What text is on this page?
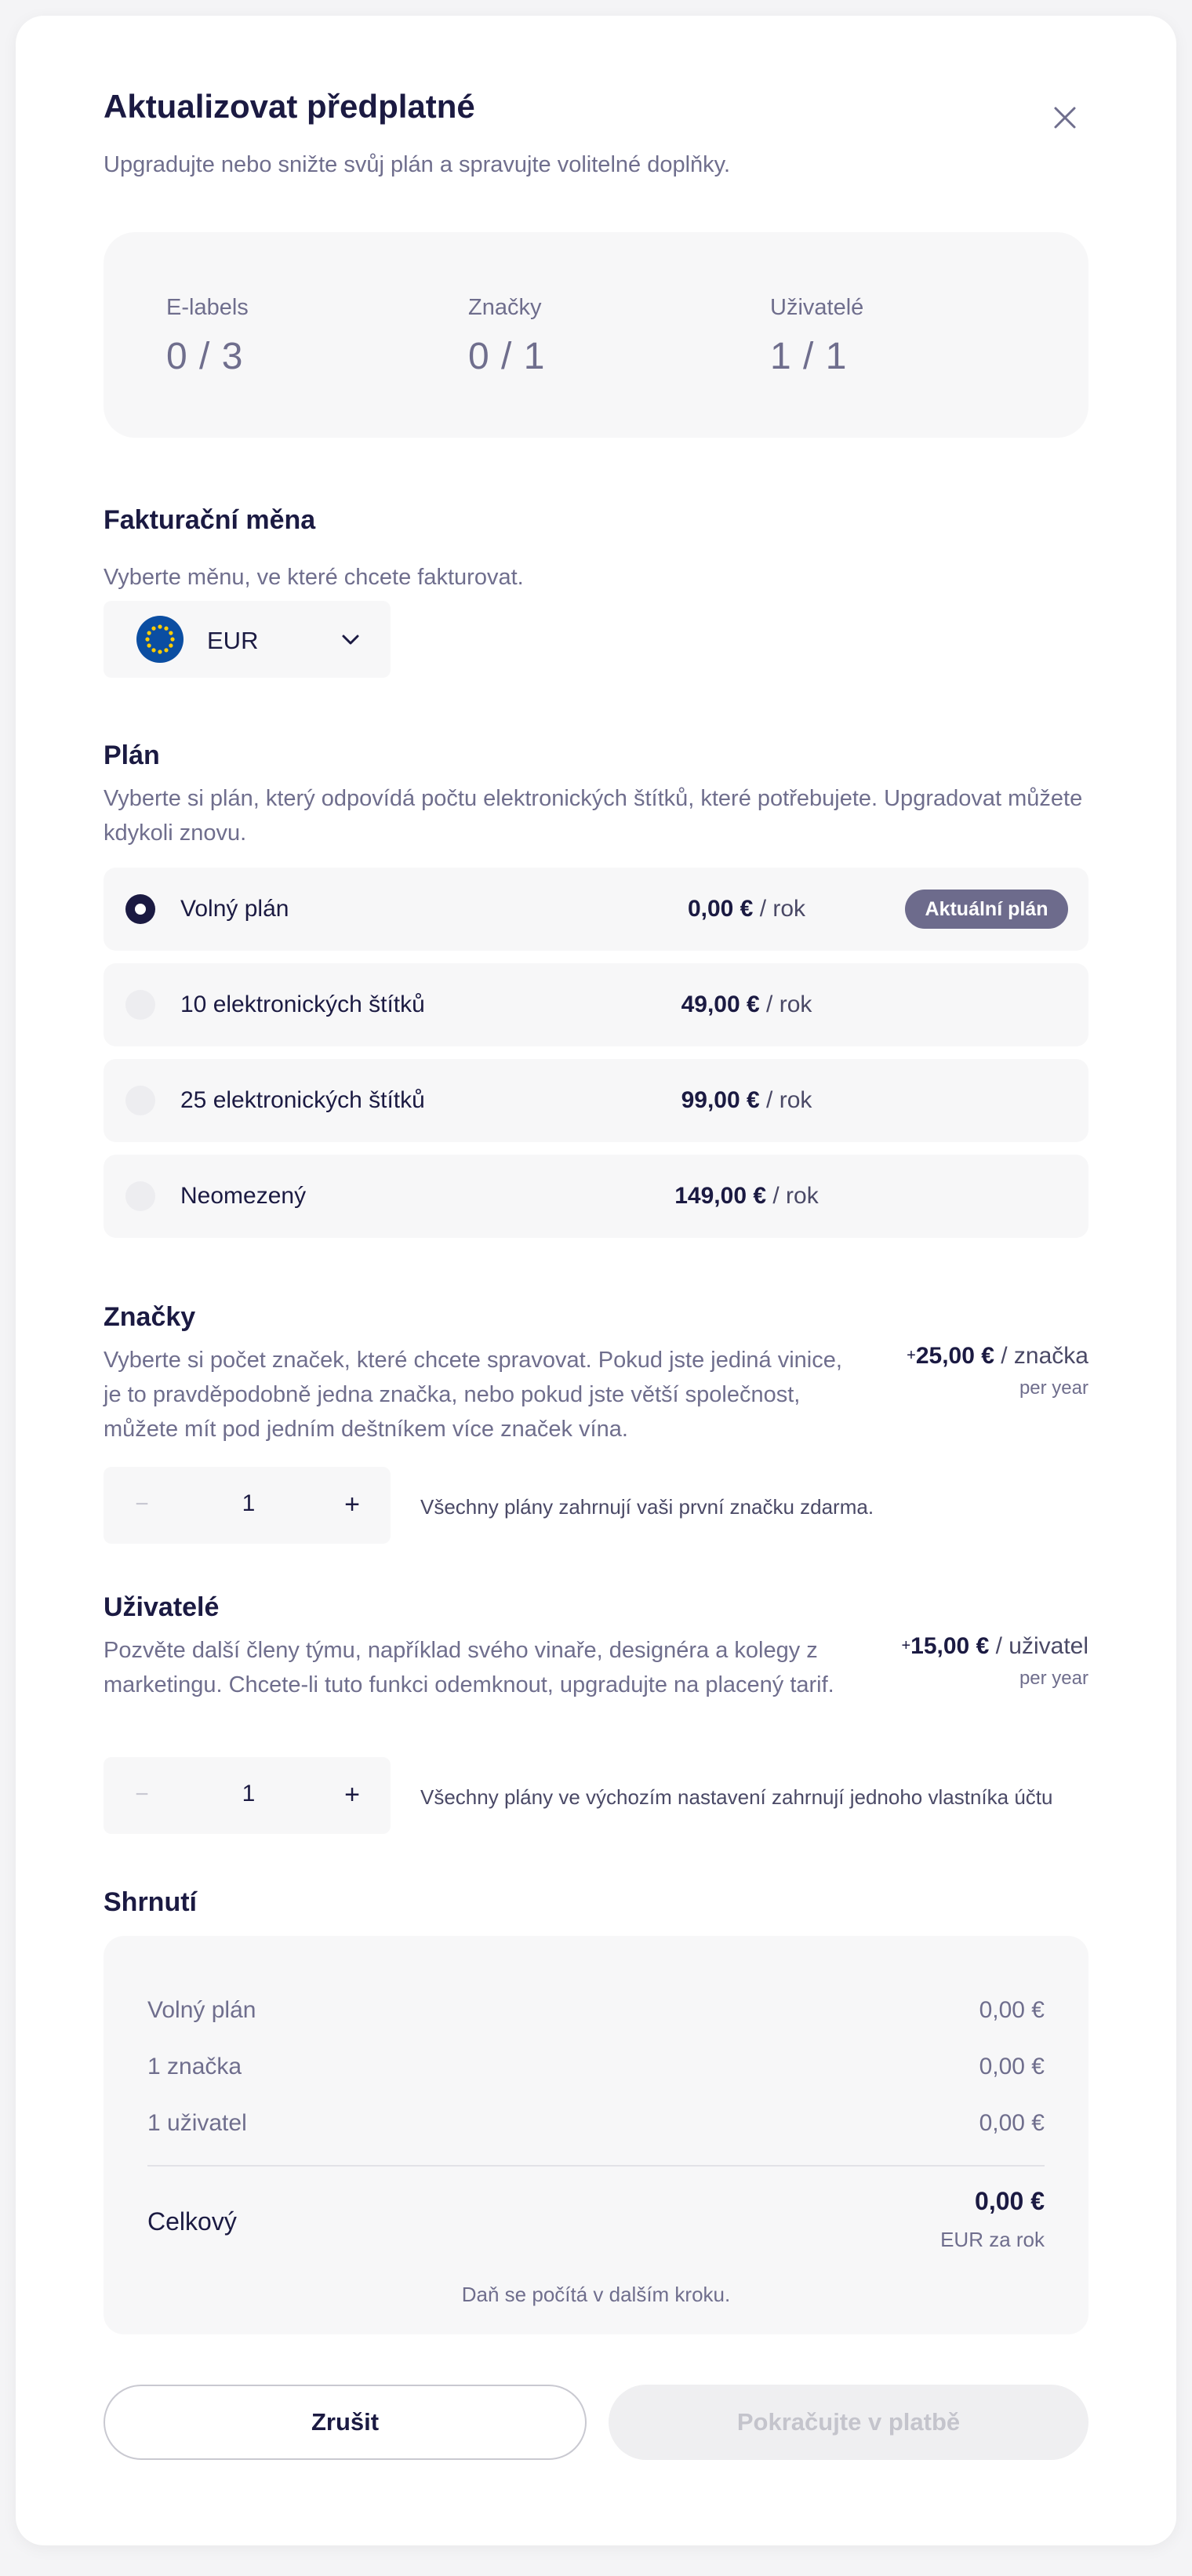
Aktualizovat předplatné
Upgradujte nebo snižte svůj plán a spravujte volitelné doplňky.
E-labels
0 / 3
Značky
0 / 1
Uživatelé
1 / 1
Fakturační měna
Vyberte měnu, ve které chcete fakturovat.
EUR
Plán
Vyberte si plán, který odpovídá počtu elektronických štítků, které potřebujete. Upgradovat můžete kdykoli znovu.
Volný plán	0,00 € / rok	Aktuální plán
10 elektronických štítků	49,00 € / rok
25 elektronických štítků	99,00 € / rok
Neomezený	149,00 € / rok
Značky
Vyberte si počet značek, které chcete spravovat. Pokud jste jediná vinice, je to pravděpodobně jedna značka, nebo pokud jste větší společnost, můžete mít pod jedním deštníkem více značek vína.
+25,00 € / značka
per year
−	1	+	Všechny plány zahrnují vaši první značku zdarma.
Uživatelé
Pozvěte další členy týmu, například svého vinaře, designéra a kolegy z marketingu. Chcete-li tuto funkci odemknout, upgradujte na placený tarif.
+15,00 € / uživatel
per year
−	1	+	Všechny plány ve výchozím nastavení zahrnují jednoho vlastníka účtu
Shrnutí
Volný plán	0,00 €
1 značka	0,00 €
1 uživatel	0,00 €
Celkový
0,00 €
EUR za rok
Daň se počítá v dalším kroku.
Zrušit	Pokračujte v platbě
